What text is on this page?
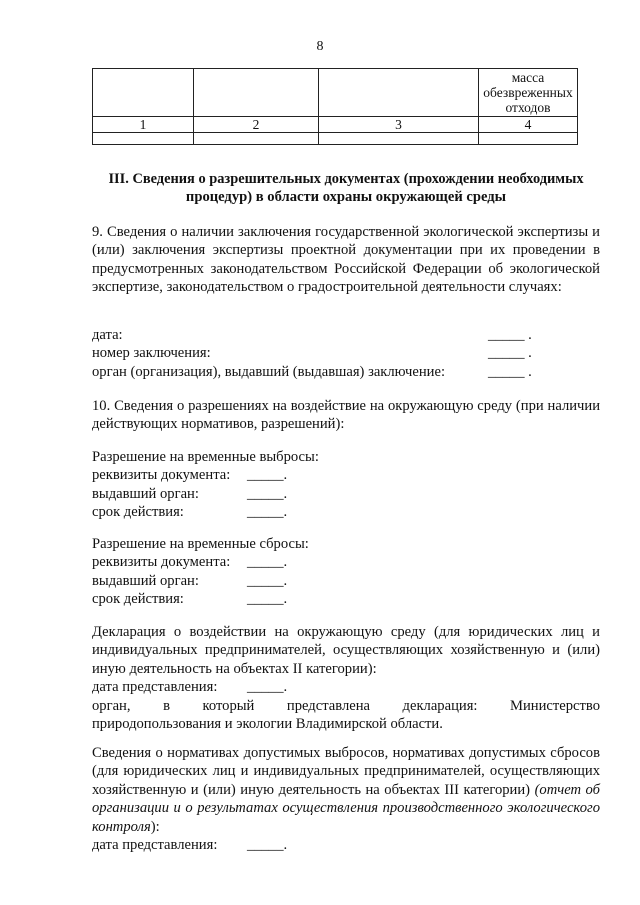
8
			масса обезвреженных отходов
1	2	3	4

III. Сведения о разрешительных документах (прохождении необходимых
процедур) в области охраны окружающей среды
9. Сведения о наличии заключения государственной экологической экспертизы и (или) заключения экспертизы проектной документации при их проведении в предусмотренных законодательством Российской Федерации об экологической экспертизе, законодательством о градостроительной деятельности случаях:
дата:	_____ .
номер заключения:	_____ .
орган (организация), выдавший (выдавшая) заключение:	_____ .
10. Сведения о разрешениях на воздействие на окружающую среду (при наличии действующих нормативов, разрешений):
Разрешение на временные выбросы:
реквизиты документа:	_____.
выдавший орган:	_____.
срок действия:	_____.
Разрешение на временные сбросы:
реквизиты документа:	_____.
выдавший орган:	_____.
срок действия:	_____.
Декларация о воздействии на окружающую среду (для юридических лиц и индивидуальных предпринимателей, осуществляющих хозяйственную и (или) иную деятельность на объектах II категории):
дата представления:	_____.
орган, в который представлена декларация: Министерство
природопользования и экологии Владимирской области.
Сведения о нормативах допустимых выбросов, нормативах допустимых сбросов (для юридических лиц и индивидуальных предпринимателей, осуществляющих хозяйственную и (или) иную деятельность на объектах III категории) (отчет об организации и о результатах осуществления производственного экологического контроля):
дата представления:	_____.
